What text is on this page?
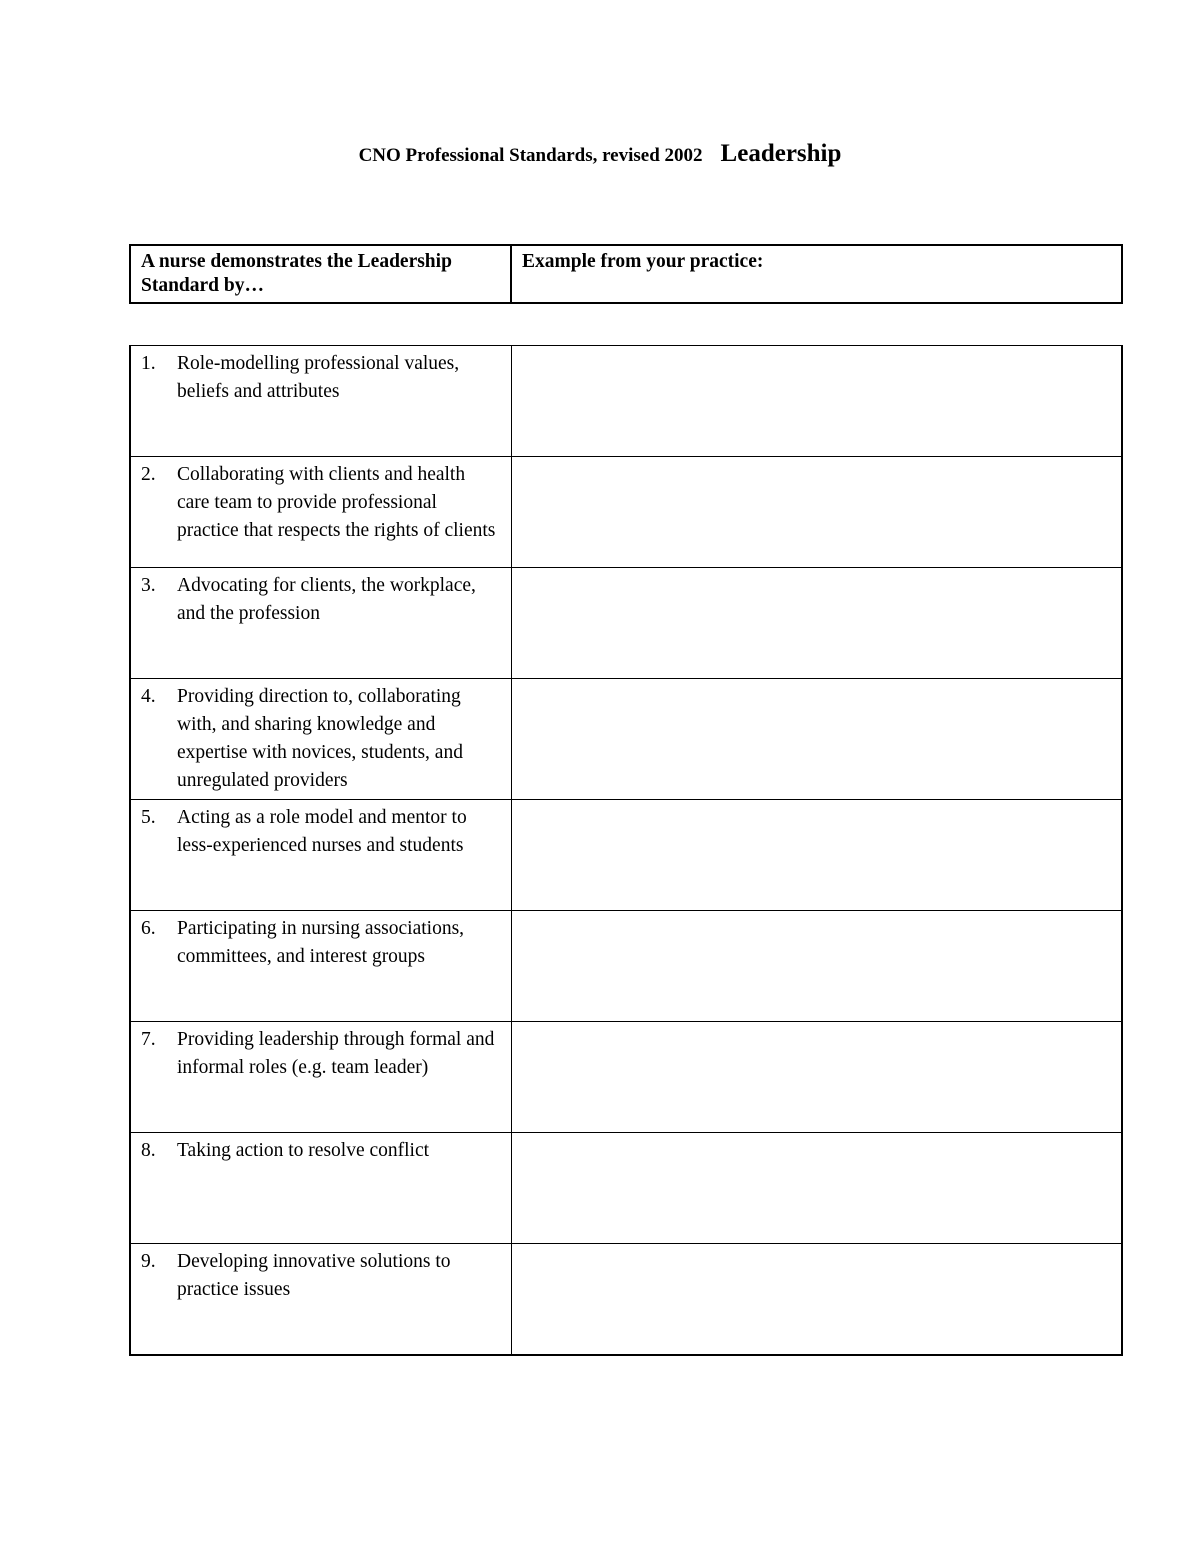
CNO Professional Standards, revised 2002 Leadership
A nurse demonstrates the Leadership Standard by…	Example from your practice:
1. Role-modelling professional values, beliefs and attributes	

2. Collaborating with clients and health care team to provide professional practice that respects the rights of clients	

3. Advocating for clients, the workplace, and the profession	

4. Providing direction to, collaborating with, and sharing knowledge and expertise with novices, students, and unregulated providers	

5. Acting as a role model and mentor to less-experienced nurses and students	

6. Participating in nursing associations, committees, and interest groups	

7. Providing leadership through formal and informal roles (e.g. team leader)	

8. Taking action to resolve conflict	

9. Developing innovative solutions to practice issues	
